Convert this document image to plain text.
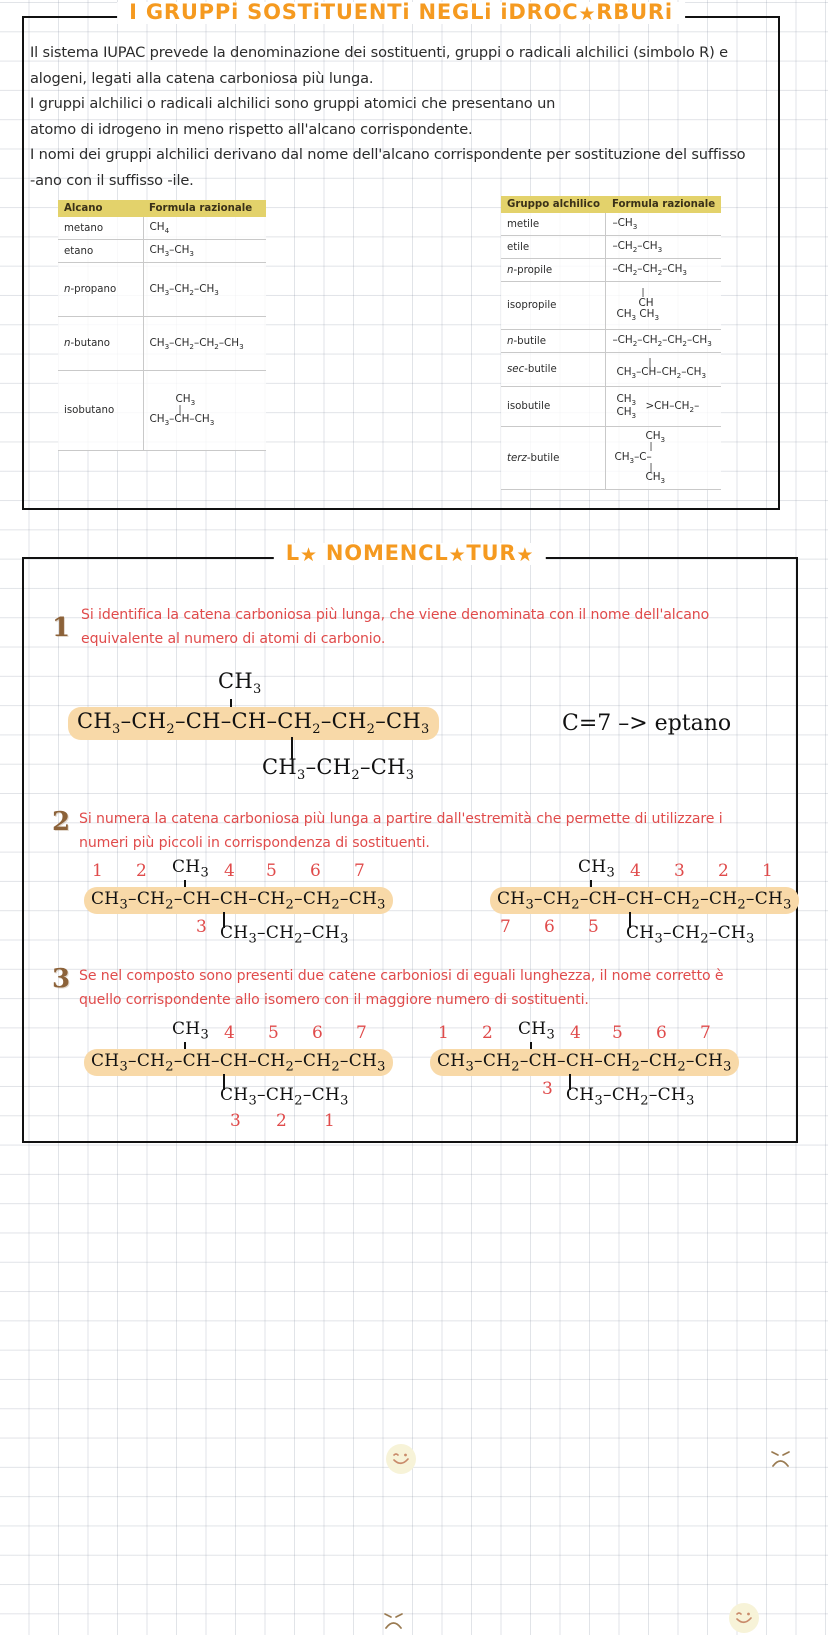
I GRUPPi SOSTiTUENTi NEGLi iDROC★RBURi
Il sistema IUPAC prevede la denominazione dei sostituenti, gruppi o radicali alchilici (simbolo R) e
alogeni, legati alla catena carboniosa più lunga.
I gruppi alchilici o radicali alchilici sono gruppi atomici che presentano un
atomo di idrogeno in meno rispetto all'alcano corrispondente.
I nomi dei gruppi alchilici derivano dal nome dell'alcano corrispondente per sostituzione del suffisso
-ano con il suffisso -ile.
Alcano	Formula razionale
metano	$CH_4$
etano	$CH_3-CH_3$
n-propano	$CH_3-CH_2-CH_3$
n-butano	$CH_3-CH_2-CH_2-CH_3$
isobutano	$CH_3$
|
$CH_3-CH-CH_3$
Gruppo alchilico	Formula razionale
metile	$-CH_3$
etile	$-CH_2-CH_3$
n-propile	$-CH_2-CH_2-CH_3$
isopropile	|
CH
$CH_3$ $CH_3$

n-butile	$-CH_2-CH_2-CH_2-CH_3$
sec-butile	|
$CH_3-CH-CH_2-CH_3$

isobutile	$CH_3$
$CH_3$
$>CH-CH_2-$

terz-butile	$CH_3$
|
$CH_3-C-$
|
$CH_3$
L★ NOMENCL★TUR★
1 Si identifica la catena carboniosa più lunga, che viene denominata con il nome dell'alcano
equivalente al numero di atomi di carbonio.
$CH_3$
$CH_3-CH_2-CH-CH-CH_2-CH_2-CH_3$
$CH_3-CH_2-CH_3$
C=7 –> eptano
2 Si numera la catena carboniosa più lunga a partire dall'estremità che permette di utilizzare i
numeri più piccoli in corrispondenza di sostituenti.
1 2	4 5 6 7
$CH_3$
$CH_3-CH_2-CH-CH-CH_2-CH_2-CH_3$
3 $CH_3-CH_2-CH_3$
4 3 2 1
$CH_3$
$CH_3-CH_2-CH-CH-CH_2-CH_2-CH_3$
7 6 5 $CH_3-CH_2-CH_3$
3 Se nel composto sono presenti due catene carboniosi di eguali lunghezza, il nome corretto è
quello corrispondente allo isomero con il maggiore numero di sostituenti.
4 5 6 7
$CH_3$
$CH_3-CH_2-CH-CH-CH_2-CH_2-CH_3$
$CH_3-CH_2-CH_3$
3 2 1
1 2	4 5 6 7
$CH_3$
$CH_3-CH_2-CH-CH-CH_2-CH_2-CH_3$
3 $CH_3-CH_2-CH_3$
